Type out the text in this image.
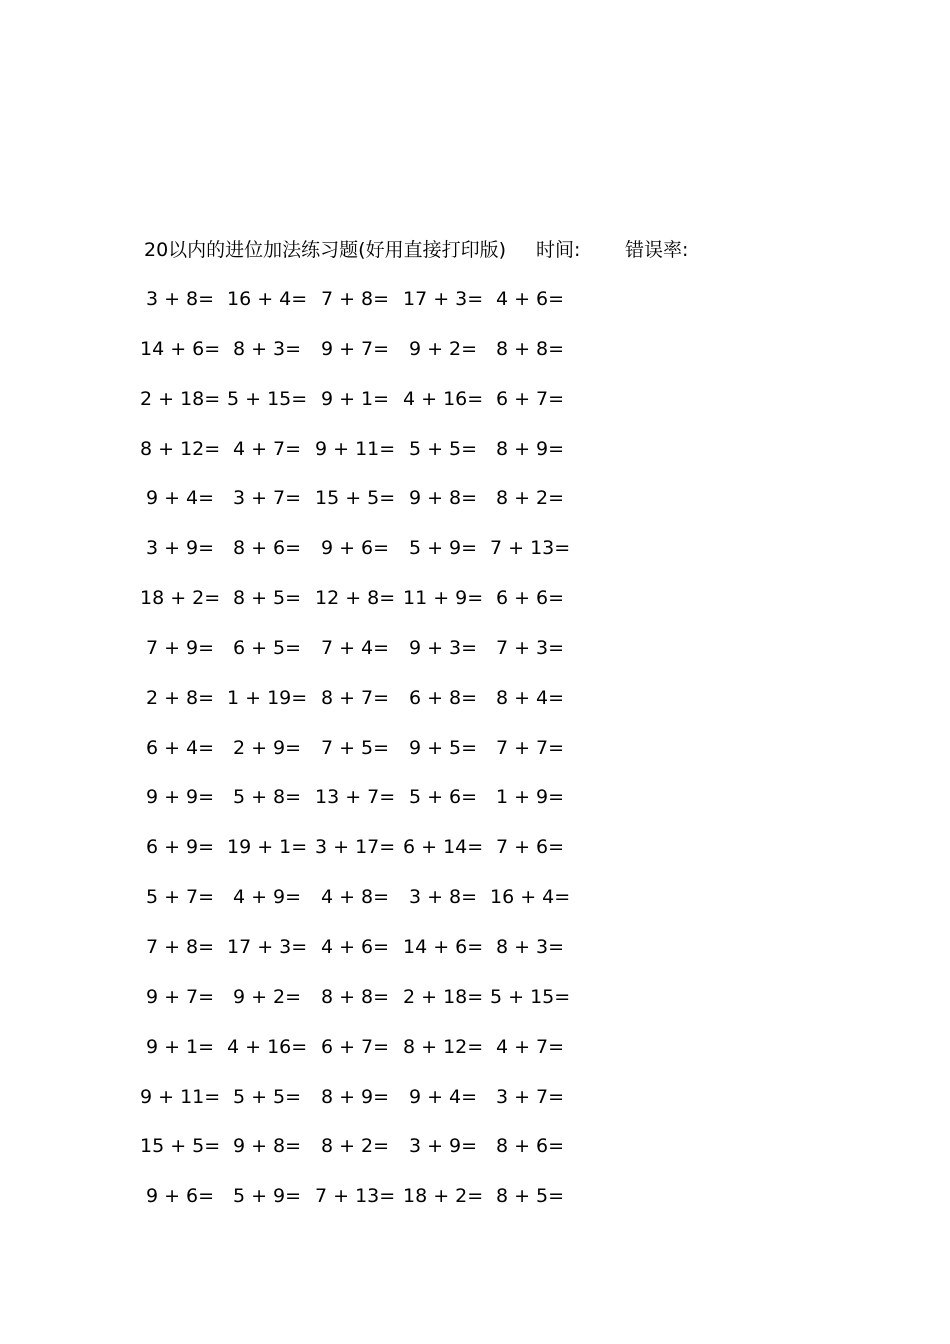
20以内的进位加法练习题(好用直接打印版) 时间: 错误率:
3 + 8= 16 + 4= 7 + 8= 17 + 3= 4 + 6=
14 + 6= 8 + 3=	9 + 7=	9 + 2= 8 + 8=
2 + 18= 5 + 15= 9 + 1= 4 + 16= 6 + 7=
8 + 12= 4 + 7= 9 + 11= 5 + 5= 8 + 9=
9 + 4= 3 + 7= 15 + 5= 9 + 8= 8 + 2=
3 + 9= 8 + 6=	9 + 6=	5 + 9= 7 + 13=
18 + 2= 8 + 5= 12 + 8= 11 + 9= 6 + 6=
7 + 9= 6 + 5=	7 + 4=	9 + 3= 7 + 3=
2 + 8= 1 + 19= 8 + 7=	6 + 8= 8 + 4=
6 + 4= 2 + 9=	7 + 5=	9 + 5= 7 + 7=
9 + 9= 5 + 8= 13 + 7= 5 + 6= 1 + 9=
6 + 9= 19 + 1= 3 + 17= 6 + 14= 7 + 6=
5 + 7= 4 + 9=	4 + 8=	3 + 8= 16 + 4=
7 + 8= 17 + 3= 4 + 6= 14 + 6= 8 + 3=
9 + 7= 9 + 2=	8 + 8= 2 + 18= 5 + 15=
9 + 1= 4 + 16= 6 + 7= 8 + 12= 4 + 7=
9 + 11= 5 + 5=	8 + 9=	9 + 4= 3 + 7=
15 + 5= 9 + 8=	8 + 2=	3 + 9= 8 + 6=
9 + 6= 5 + 9= 7 + 13= 18 + 2= 8 + 5=
